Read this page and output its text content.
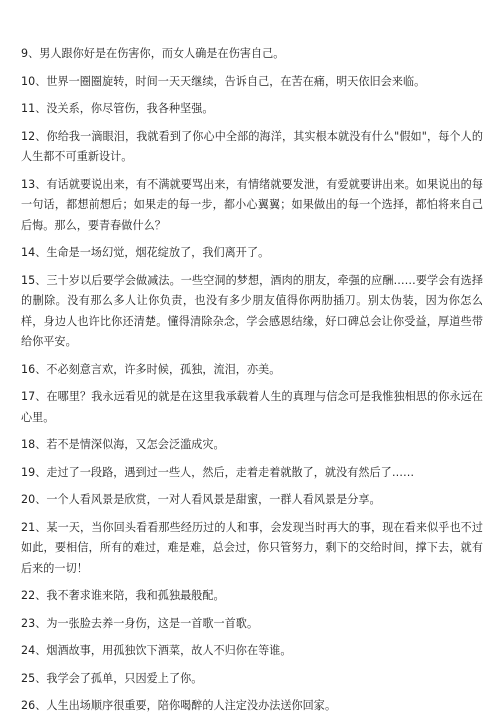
9、男人跟你好是在伤害你，而女人确是在伤害自己。
10、世界一圈圈旋转，时间一天天继续，告诉自己，在苦在痛，明天依旧会来临。
11、没关系，你尽管伤，我各种坚强。
12、你给我一滴眼泪，我就看到了你心中全部的海洋，其实根本就没有什么"假如"，每个人的人生都不可重新设计。
13、有话就要说出来，有不满就要骂出来，有情绪就要发泄，有爱就要讲出来。如果说出的每一句话，都想前想后；如果走的每一步，都小心翼翼；如果做出的每一个选择，都怕将来自己后悔。那么，要青春做什么？
14、生命是一场幻觉，烟花绽放了，我们离开了。
15、三十岁以后要学会做减法。一些空洞的梦想，酒肉的朋友，牵强的应酬……要学会有选择的删除。没有那么多人让你负责，也没有多少朋友值得你两肋插刀。别太伪装，因为你怎么样，身边人也许比你还清楚。懂得清除杂念，学会感恩结缘，好口碑总会让你受益，厚道些带给你平安。
16、不必刻意言欢，许多时候，孤独，流泪，亦美。
17、在哪里？我永远看见的就是在这里我承载着人生的真理与信念可是我惟独相思的你永远在心里。
18、若不是情深似海，又怎会泛滥成灾。
19、走过了一段路，遇到过一些人，然后，走着走着就散了，就没有然后了……
20、一个人看风景是欣赏，一对人看风景是甜蜜，一群人看风景是分享。
21、某一天，当你回头看看那些经历过的人和事，会发现当时再大的事，现在看来似乎也不过如此，要相信，所有的难过，难是难，总会过，你只管努力，剩下的交给时间，撑下去，就有后来的一切！
22、我不奢求谁来陪，我和孤独最般配。
23、为一张脸去养一身伤，这是一首歌一首歌。
24、烟酒故事，用孤独饮下酒菜，故人不归你在等谁。
25、我学会了孤单，只因爱上了你。
26、人生出场顺序很重要，陪你喝醉的人注定没办法送你回家。
